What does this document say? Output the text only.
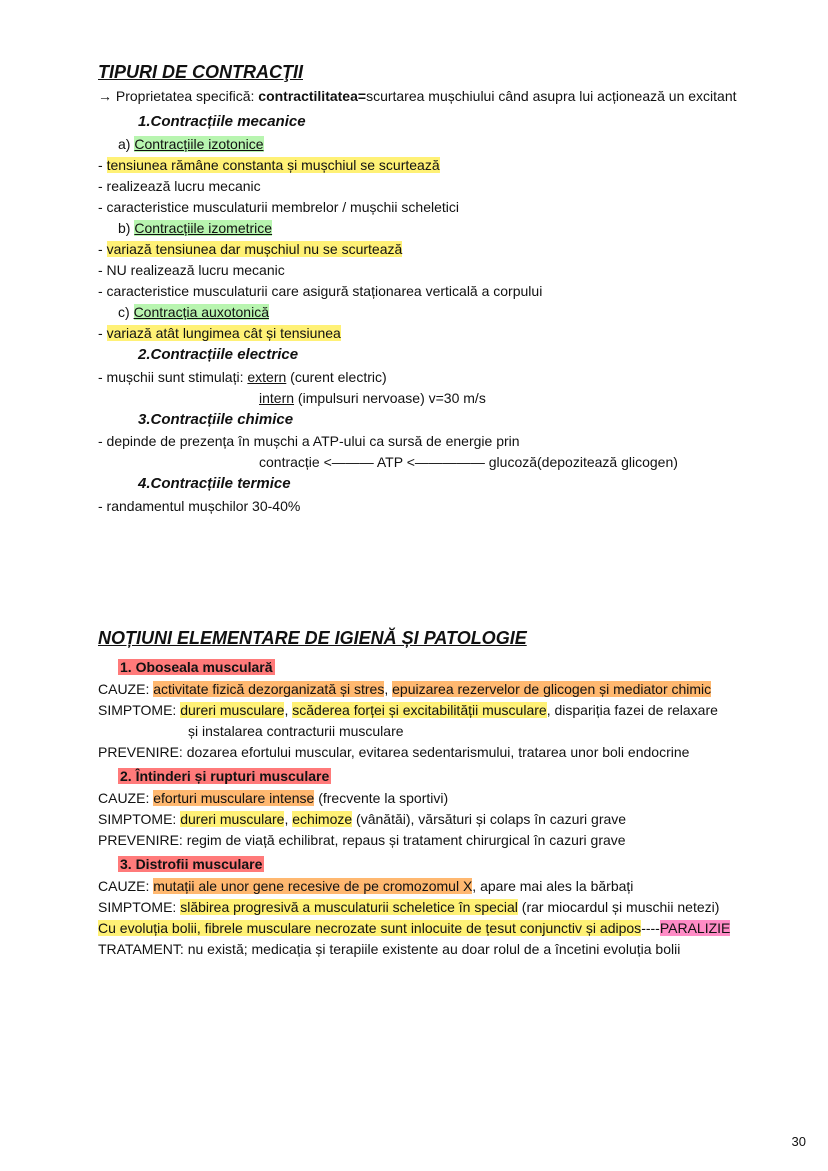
TIPURI DE CONTRACŢII
→ Proprietatea specifică: contractilitatea=scurtarea mușchiului când asupra lui acționează un excitant
1.Contracțiile mecanice
a) Contracțiile izotonice
- tensiunea rămâne constanta și mușchiul se scurtează
- realizează lucru mecanic
- caracteristice musculaturii membrelor / mușchii scheletici
b) Contracțiile izometrice
- variază tensiunea dar mușchiul nu se scurtează
- NU realizează lucru mecanic
- caracteristice musculaturii care asigură staționarea verticală a corpului
c) Contracția auxotonică
- variază atât lungimea cât și tensiunea
2.Contracțiile electrice
- mușchii sunt stimulați: extern (curent electric)
intern (impulsuri nervoase) v=30 m/s
3.Contracțiile chimice
- depinde de prezența în mușchi a ATP-ului ca sursă de energie prin
contracție <——— ATP <————— glucoză(depozitează glicogen)
4.Contracțiile termice
- randamentul mușchilor 30-40%
NOȚIUNI ELEMENTARE DE IGIENĂ ȘI PATOLOGIE
1. Oboseala musculară
CAUZE: activitate fizică dezorganizată și stres, epuizarea rezervelor de glicogen și mediator chimic
SIMPTOME: dureri musculare, scăderea forței și excitabilității musculare, dispariția fazei de relaxare
și instalarea contracturii musculare
PREVENIRE: dozarea efortului muscular, evitarea sedentarismului, tratarea unor boli endocrine
2. Întinderi și rupturi musculare
CAUZE: eforturi musculare intense (frecvente la sportivi)
SIMPTOME: dureri musculare, echimoze (vânătăi), vărsături și colaps în cazuri grave
PREVENIRE: regim de viață echilibrat, repaus și tratament chirurgical în cazuri grave
3. Distrofii musculare
CAUZE: mutații ale unor gene recesive de pe cromozomul X, apare mai ales la bărbați
SIMPTOME: slăbirea progresivă a musculaturii scheletice în special (rar miocardul și muschii netezi)
Cu evoluția bolii, fibrele musculare necrozate sunt inlocuite de țesut conjunctiv și adipos----PARALIZIE
TRATAMENT: nu există; medicația și terapiile existente au doar rolul de a încetini evoluția bolii
30
